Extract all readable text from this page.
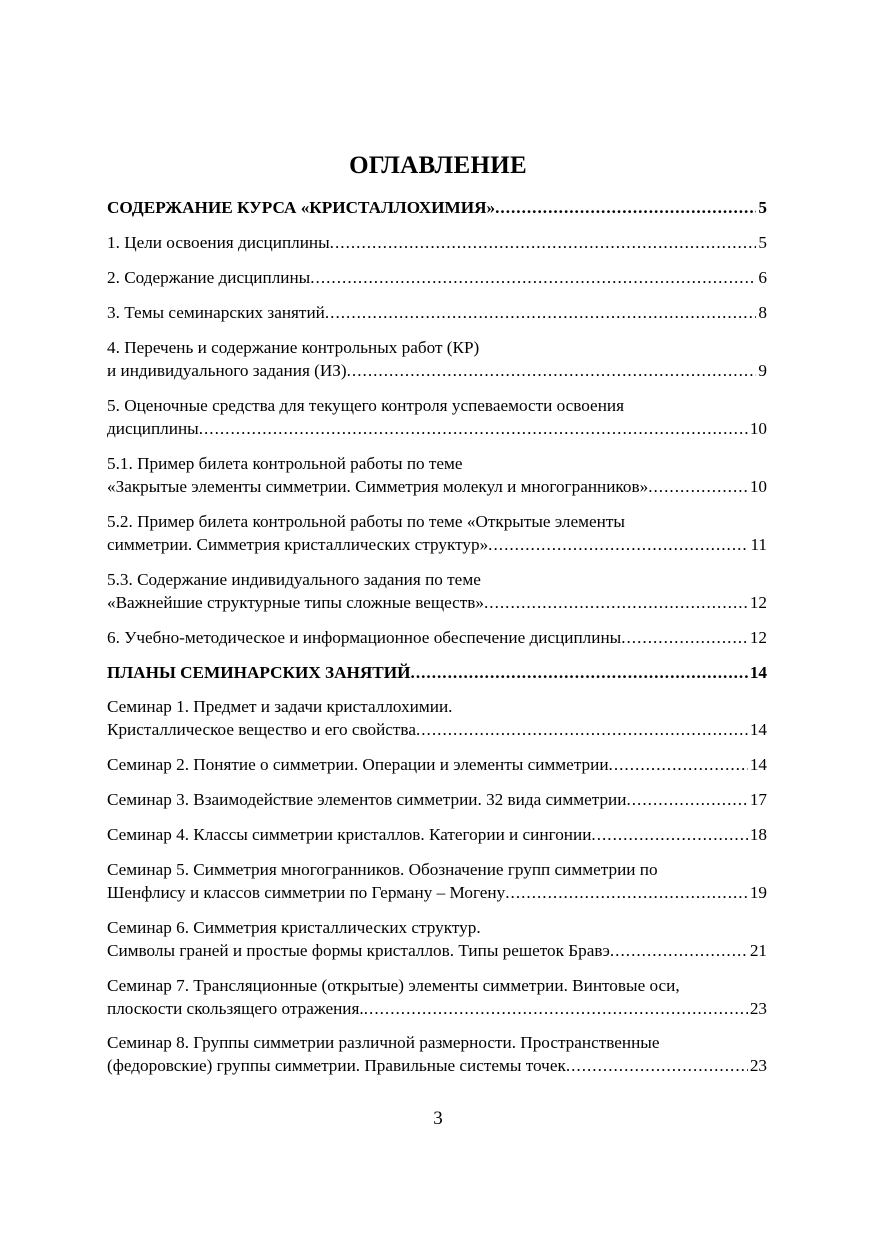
ОГЛАВЛЕНИЕ
СОДЕРЖАНИЕ КУРСА «КРИСТАЛЛОХИМИЯ» .....	5
1. Цели освоения дисциплины .....	5
2. Содержание дисциплины .....	6
3. Темы семинарских занятий .....	8
4. Перечень и содержание контрольных работ (КР)
и индивидуального задания (ИЗ) .....	9
5. Оценочные средства для текущего контроля успеваемости освоения
дисциплины .....	10
5.1. Пример билета контрольной работы по теме
«Закрытые элементы симметрии. Симметрия молекул и многогранников» .....	10
5.2. Пример билета контрольной работы по теме «Открытые элементы
симметрии. Симметрия кристаллических структур» .....	11
5.3. Содержание индивидуального задания по теме
«Важнейшие структурные типы сложные веществ» .....	12
6. Учебно-методическое и информационное обеспечение дисциплины .....	12
ПЛАНЫ СЕМИНАРСКИХ ЗАНЯТИЙ .....	14
Семинар 1. Предмет и задачи кристаллохимии.
Кристаллическое вещество и его свойства .....	14
Семинар 2. Понятие о симметрии. Операции и элементы симметрии .....	14
Семинар 3. Взаимодействие элементов симметрии. 32 вида симметрии .....	17
Семинар 4. Классы симметрии кристаллов. Категории и сингонии .....	18
Семинар 5. Симметрия многогранников. Обозначение групп симметрии по
Шенфлису и классов симметрии по Герману – Могену .....	19
Семинар 6. Симметрия кристаллических структур.
Символы граней и простые формы кристаллов. Типы решеток Бравэ .....	21
Семинар 7. Трансляционные (открытые) элементы симметрии. Винтовые оси,
плоскости скользящего отражения. .....	23
Семинар 8. Группы симметрии различной размерности. Пространственные
(федоровские) группы симметрии. Правильные системы точек .....	23
3
